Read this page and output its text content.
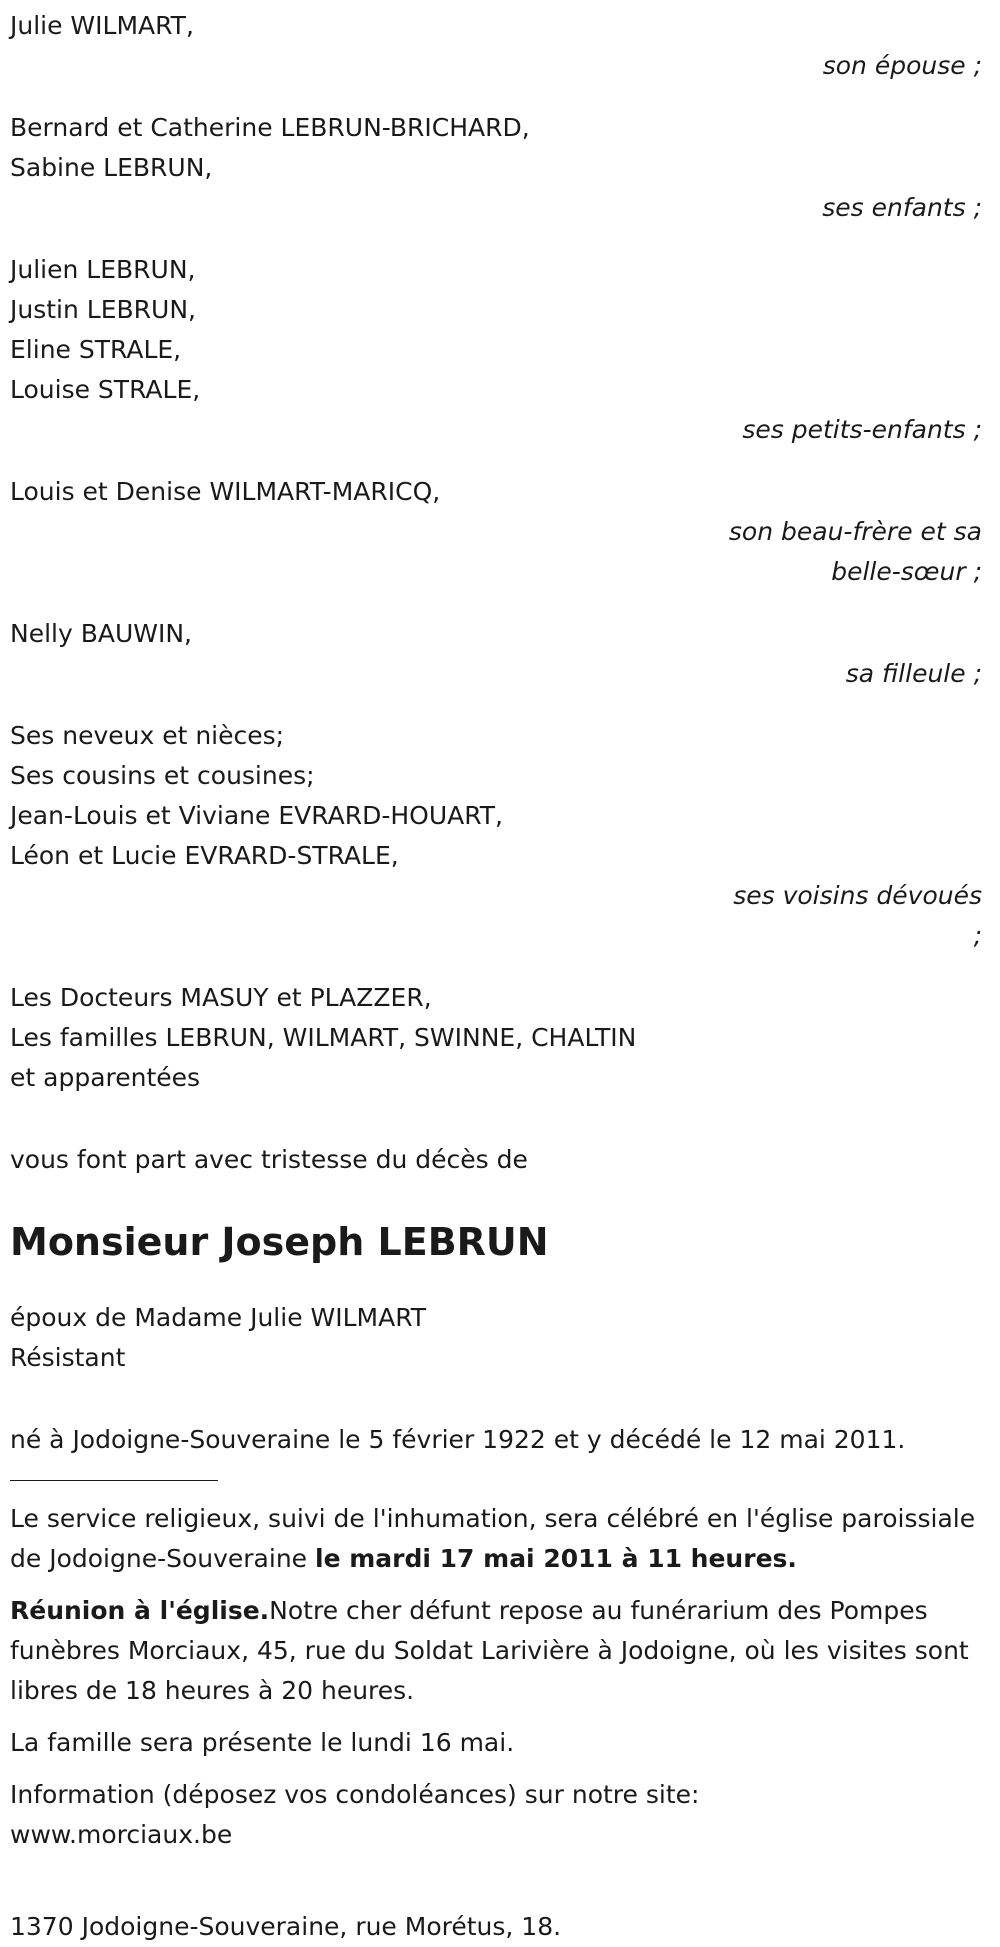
Julie WILMART,
son épouse ;
Bernard et Catherine LEBRUN-BRICHARD,
Sabine LEBRUN,
ses enfants ;
Julien LEBRUN,
Justin LEBRUN,
Eline STRALE,
Louise STRALE,
ses petits-enfants ;
Louis et Denise WILMART-MARICQ,
son beau-frère et sa
belle-sœur ;
Nelly BAUWIN,
sa filleule ;
Ses neveux et nièces;
Ses cousins et cousines;
Jean-Louis et Viviane EVRARD-HOUART,
Léon et Lucie EVRARD-STRALE,
ses voisins dévoués
;
Les Docteurs MASUY et PLAZZER,
Les familles LEBRUN, WILMART, SWINNE, CHALTIN
et apparentées
vous font part avec tristesse du décès de
Monsieur Joseph LEBRUN
époux de Madame Julie WILMART
Résistant
né à Jodoigne-Souveraine le 5 février 1922 et y décédé le 12 mai 2011.
Le service religieux, suivi de l'inhumation, sera célébré en l'église paroissiale de Jodoigne-Souveraine le mardi 17 mai 2011 à 11 heures.
Réunion à l'église.Notre cher défunt repose au funérarium des Pompes funèbres Morciaux, 45, rue du Soldat Larivière à Jodoigne, où les visites sont libres de 18 heures à 20 heures.
La famille sera présente le lundi 16 mai.
Information (déposez vos condoléances) sur notre site:
www.morciaux.be
1370 Jodoigne-Souveraine, rue Morétus, 18.
